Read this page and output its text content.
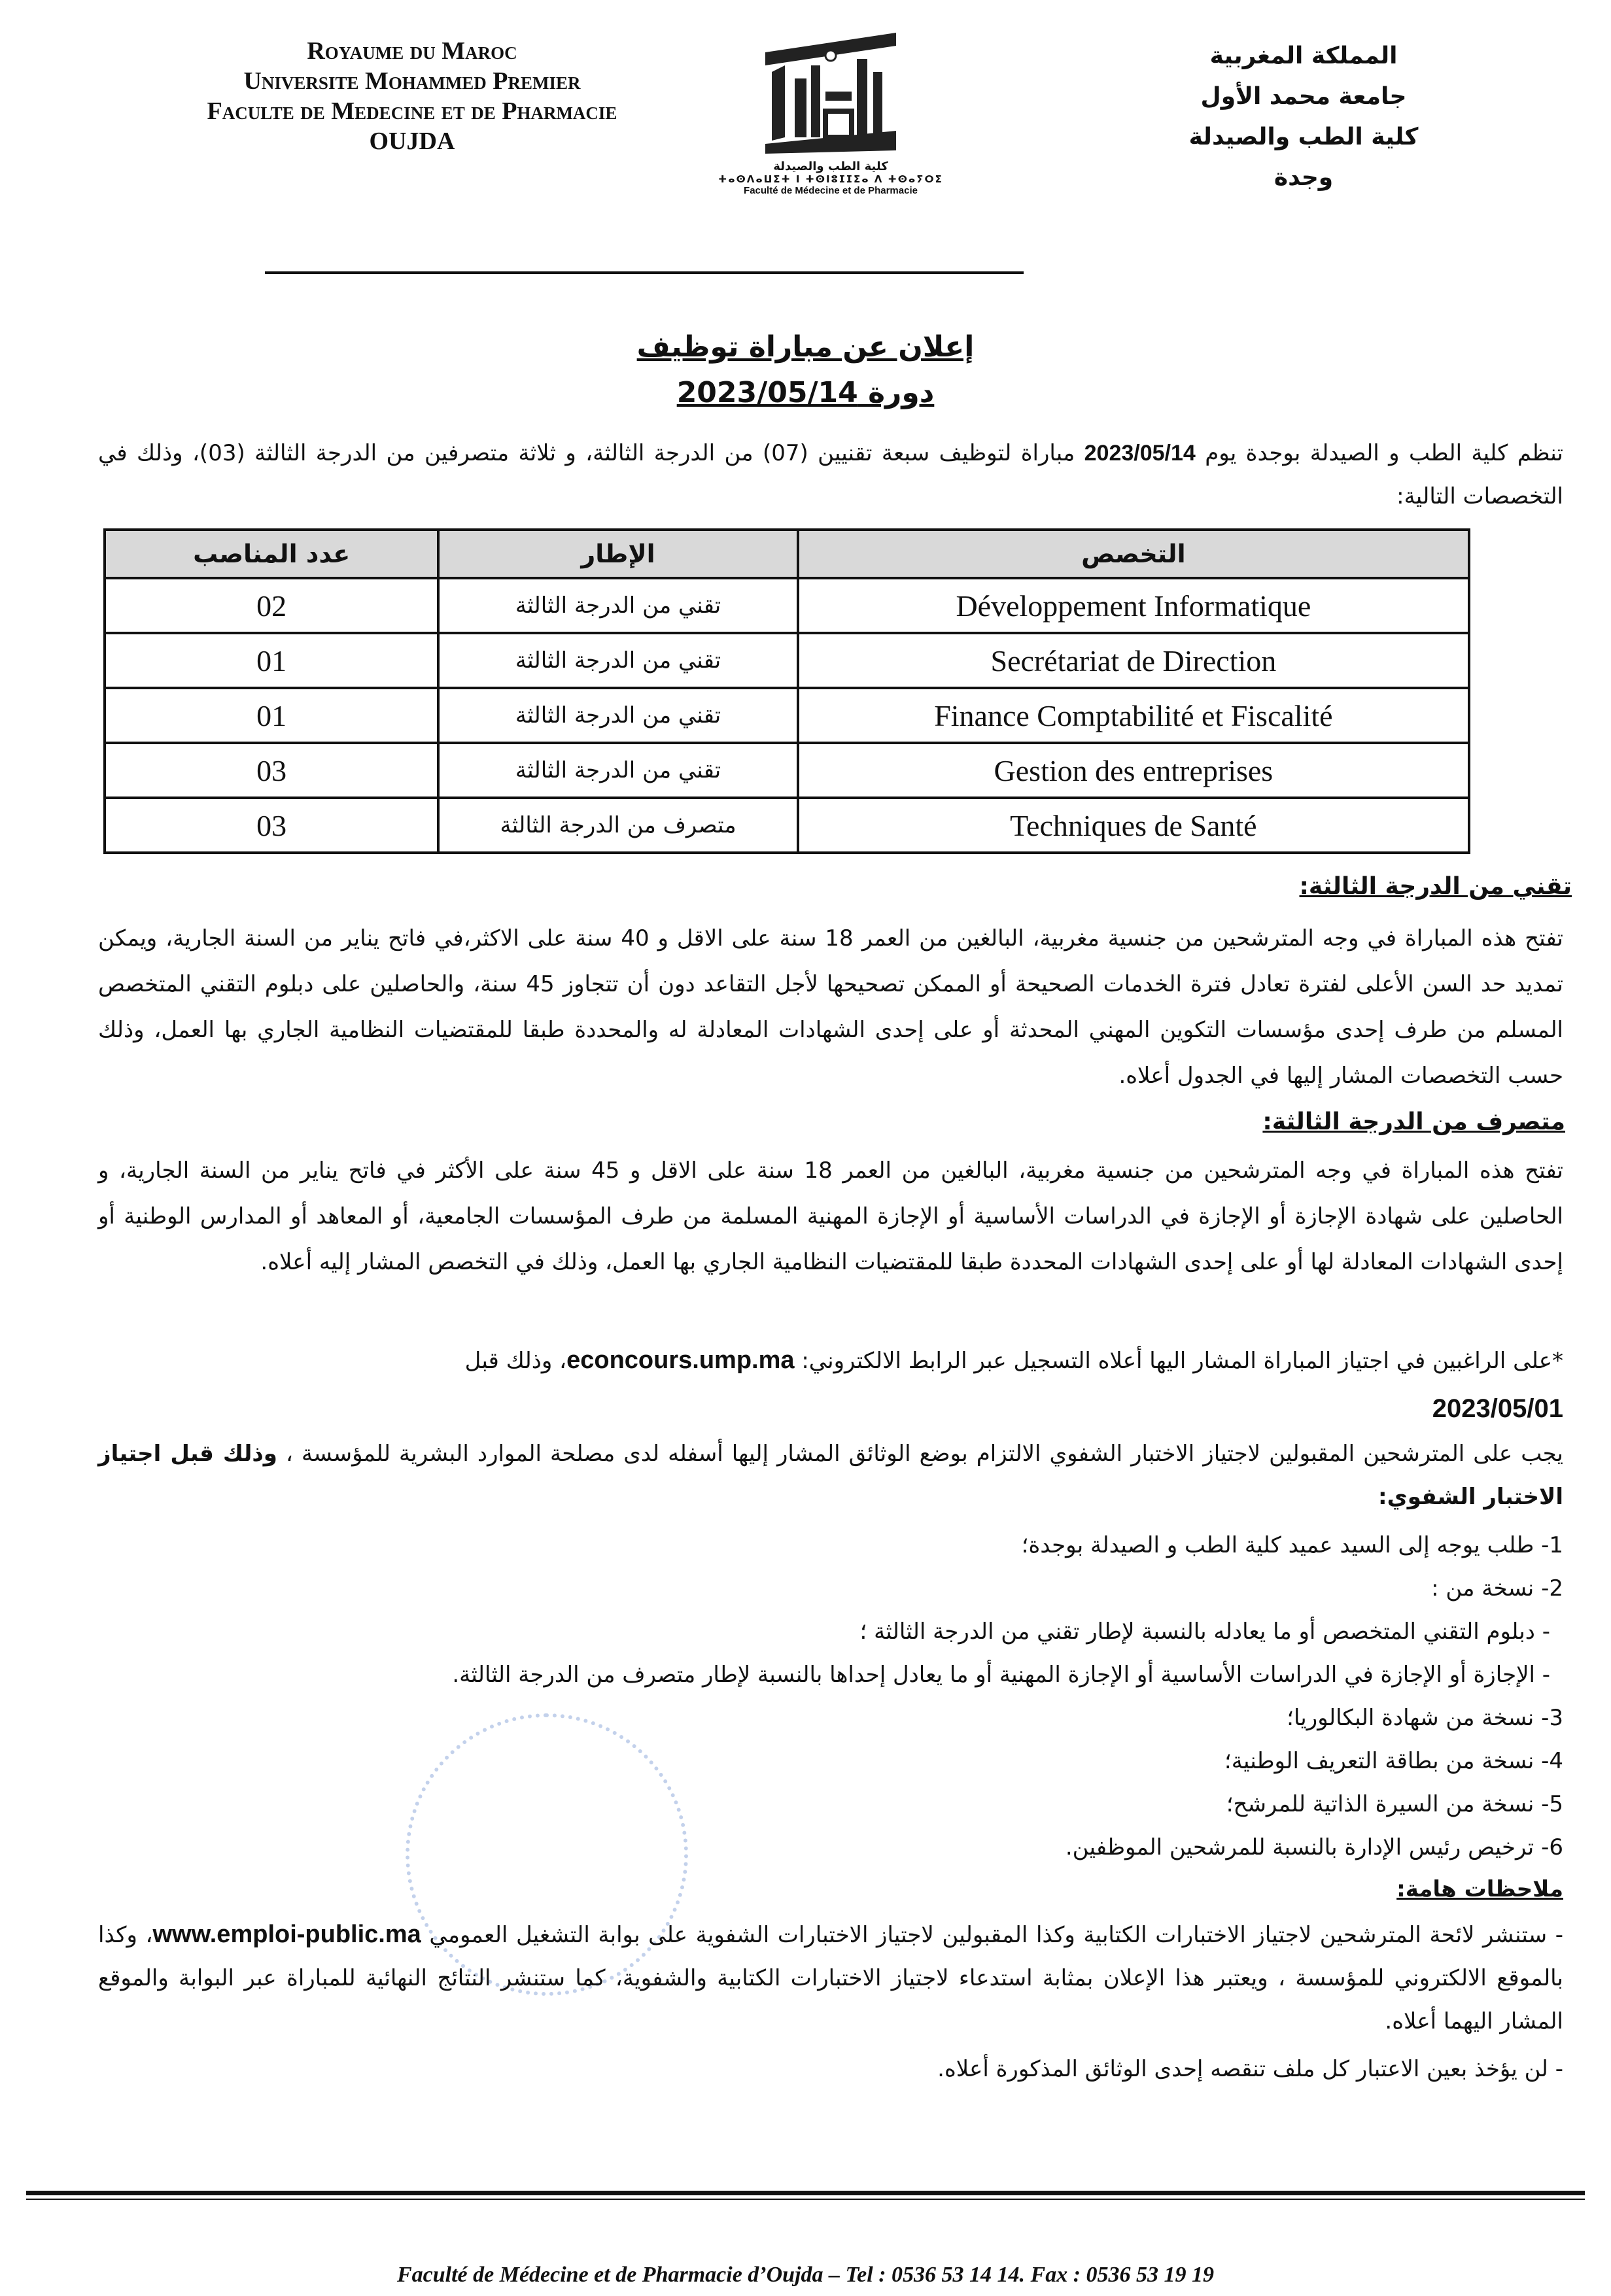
Royaume du Maroc
Universite Mohammed Premier
Faculte de Medecine et de Pharmacie
OUJDA
كلية الطب والصيدلة
ⵜⴰⵙⴷⴰⵡⵉⵜ ⵏ ⵜⵙⵏⵓⵊⵊⵉⴰ ⴷ ⵜⵙⴰⵢⵔⵉ
Faculté de Médecine et de Pharmacie
المملكة المغربية
جامعة محمد الأول
كلية الطب والصيدلة
وجدة
إعلان عن مباراة توظيف
دورة 2023/05/14
تنظم كلية الطب و الصيدلة بوجدة يوم 2023/05/14 مباراة لتوظيف سبعة تقنيين (07) من الدرجة الثالثة، و ثلاثة متصرفين من الدرجة الثالثة (03)، وذلك في التخصصات التالية:
التخصص	الإطار	عدد المناصب
Développement Informatique	تقني من الدرجة الثالثة	02
Secrétariat de Direction	تقني من الدرجة الثالثة	01
Finance Comptabilité et Fiscalité	تقني من الدرجة الثالثة	01
Gestion des entreprises	تقني من الدرجة الثالثة	03
Techniques de Santé	متصرف من الدرجة الثالثة	03
تقني من الدرجة الثالثة:
تفتح هذه المباراة في وجه المترشحين من جنسية مغربية، البالغين من العمر 18 سنة على الاقل و 40 سنة على الاكثر،في فاتح يناير من السنة الجارية، ويمكن تمديد حد السن الأعلى لفترة تعادل فترة الخدمات الصحيحة أو الممكن تصحيحها لأجل التقاعد دون أن تتجاوز 45 سنة، والحاصلين على دبلوم التقني المتخصص المسلم من طرف إحدى مؤسسات التكوين المهني المحدثة أو على إحدى الشهادات المعادلة له والمحددة طبقا للمقتضيات النظامية الجاري بها العمل، وذلك حسب التخصصات المشار إليها في الجدول أعلاه.
متصرف من الدرجة الثالثة:
تفتح هذه المباراة في وجه المترشحين من جنسية مغربية، البالغين من العمر 18 سنة على الاقل و 45 سنة على الأكثر في فاتح يناير من السنة الجارية، و الحاصلين على شهادة الإجازة أو الإجازة في الدراسات الأساسية أو الإجازة المهنية المسلمة من طرف المؤسسات الجامعية، أو المعاهد أو المدارس الوطنية أو إحدى الشهادات المعادلة لها أو على إحدى الشهادات المحددة طبقا للمقتضيات النظامية الجاري بها العمل، وذلك في التخصص المشار إليه أعلاه.
*على الراغبين في اجتياز المباراة المشار اليها أعلاه التسجيل عبر الرابط الالكتروني: econcours.ump.ma، وذلك قبل
2023/05/01
يجب على المترشحين المقبولين لاجتياز الاختبار الشفوي الالتزام بوضع الوثائق المشار إليها أسفله لدى مصلحة الموارد البشرية للمؤسسة ، وذلك قبل اجتياز الاختبار الشفوي:
1- طلب يوجه إلى السيد عميد كلية الطب و الصيدلة بوجدة؛
2- نسخة من :
- دبلوم التقني المتخصص أو ما يعادله بالنسبة لإطار تقني من الدرجة الثالثة ؛
- الإجازة أو الإجازة في الدراسات الأساسية أو الإجازة المهنية أو ما يعادل إحداها بالنسبة لإطار متصرف من الدرجة الثالثة.
3- نسخة من شهادة البكالوريا؛
4- نسخة من بطاقة التعريف الوطنية؛
5- نسخة من السيرة الذاتية للمرشح؛
6- ترخيص رئيس الإدارة بالنسبة للمرشحين الموظفين.
ملاحظات هامة:
- ستنشر لائحة المترشحين لاجتياز الاختبارات الكتابية وكذا المقبولين لاجتياز الاختبارات الشفوية على بوابة التشغيل العمومي www.emploi-public.ma، وكذا بالموقع الالكتروني للمؤسسة ، ويعتبر هذا الإعلان بمثابة استدعاء لاجتياز الاختبارات الكتابية والشفوية، كما ستنشر النتائج النهائية للمباراة عبر البوابة والموقع المشار اليهما أعلاه.
- لن يؤخذ بعين الاعتبار كل ملف تنقصه إحدى الوثائق المذكورة أعلاه.
Faculté de Médecine et de Pharmacie d’Oujda – Tel : 0536 53 14 14. Fax : 0536 53 19 19
